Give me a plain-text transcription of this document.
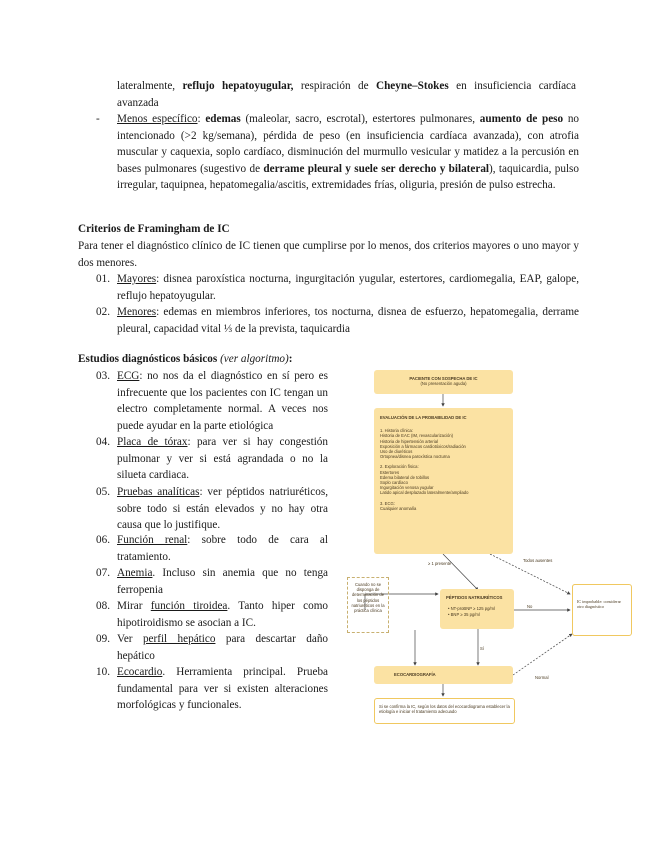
lateralmente, reflujo hepatoyugular, respiración de Cheyne–Stokes en insuficiencia cardíaca avanzada

- Menos específico: edemas (maleolar, sacro, escrotal), estertores pulmonares, aumento de peso no intencionado (>2 kg/semana), pérdida de peso (en insuficiencia cardíaca avanzada), con atrofia muscular y caquexia, soplo cardíaco, disminución del murmullo vesicular y matidez a la percusión en bases pulmonares (sugestivo de derrame pleural y suele ser derecho y bilateral), taquicardia, pulso irregular, taquipnea, hepatomegalia/ascitis, extremidades frías, oliguria, presión de pulso estrecha.

Criterios de Framingham de IC

Para tener el diagnóstico clínico de IC tienen que cumplirse por lo menos, dos criterios mayores o uno mayor y dos menores.

01. Mayores: disnea paroxística nocturna, ingurgitación yugular, estertores, cardiomegalia, EAP, galope, reflujo hepatoyugular.

02. Menores: edemas en miembros inferiores, tos nocturna, disnea de esfuerzo, hepatomegalia, derrame pleural, capacidad vital ⅓ de la prevista, taquicardia

Estudios diagnósticos básicos (ver algoritmo):

03. ECG: no nos da el diagnóstico en sí pero es infrecuente que los pacientes con IC tengan un electro completamente normal. A veces nos puede ayudar en la parte etiológica

04. Placa de tórax: para ver si hay congestión pulmonar y ver si está agrandada o no la silueta cardiaca.

05. Pruebas analíticas: ver péptidos natriuréticos, sobre todo si están elevados y no hay otra causa que lo justifique.

06. Función renal: sobre todo de cara al tratamiento.

07. Anemia. Incluso sin anemia que no tenga ferropenia

08. Mirar función tiroidea. Tanto hiper como hipotiroidismo se asocian a IC.

09. Ver perfil hepático para descartar daño hepático

10. Ecocardio. Herramienta principal. Prueba fundamental para ver si existen alteraciones morfológicas y funcionales.

PACIENTE CON SOSPECHA DE IC
(No presentación aguda)
EVALUACIÓN DE LA PROBABILIDAD DE IC
1. Historia clínica:
Historia de EAC (IM, revascularización)
Historia de hipertensión arterial
Exposición a fármacos cardiotóxicos/radiación
Uso de diuréticos
Ortopnea/disnea paroxística nocturna
2. Exploración física:
Estertores
Edema bilateral de tobillos
Soplo cardíaco
Ingurgitación venosa yugular
Latido apical desplazado lateralmente/ampliado
3. ECG:
Cualquier anomalía
≥ 1 presente
Todos ausentes
Cuando no se disponga de determinación de los péptidos natriuréticos en la práctica clínica
PÉPTIDOS NATRIURÉTICOS
• NT-proBNP ≥ 125 pg/ml
• BNP ≥ 35 pg/ml
No
Sí
ECOCARDIOGRAFÍA
Normal
Si se confirma la IC, según los datos del ecocardiograma establecer la etiología e iniciar el tratamiento adecuado
IC improbable: considerar otro diagnóstico
